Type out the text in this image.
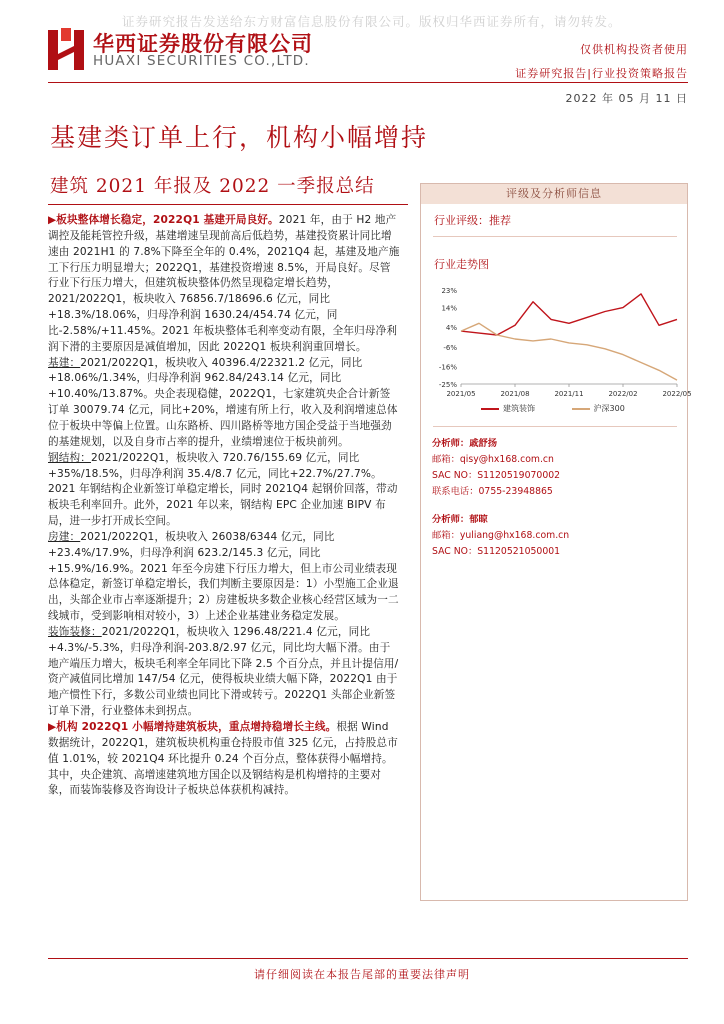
证券研究报告发送给东方财富信息股份有限公司。版权归华西证券所有，请勿转发。
华西证券股份有限公司
HUAXI SECURITIES CO.,LTD.
仅供机构投资者使用
证券研究报告|行业投资策略报告
2022 年 05 月 11 日
基建类订单上行，机构小幅增持
建筑 2021 年报及 2022 一季报总结

▶板块整体增长稳定，2022Q1 基建开局良好。2021 年，由于 H2 地产调控及能耗管控升级，基建增速呈现前高后低趋势，基建投资累计同比增速由 2021H1 的 7.8%下降至全年的 0.4%，2021Q4 起，基建及地产施工下行压力明显增大；2022Q1，基建投资增速 8.5%，开局良好。尽管行业下行压力增大，但建筑板块整体仍然呈现稳定增长趋势，2021/2022Q1，板块收入 76856.7/18696.6 亿元，同比+18.3%/18.06%，归母净利润 1630.24/454.74 亿元，同比-2.58%/+11.45%。2021 年板块整体毛利率变动有限，全年归母净利润下滑的主要原因是减值增加，因此 2022Q1 板块利润重回增长。

基建：2021/2022Q1，板块收入 40396.4/22321.2 亿元，同比+18.06%/1.34%，归母净利润 962.84/243.14 亿元，同比+10.40%/13.87%。央企表现稳健，2022Q1，七家建筑央企合计新签订单 30079.74 亿元，同比+20%，增速有所上行，收入及利润增速总体位于板块中等偏上位置。山东路桥、四川路桥等地方国企受益于当地强劲的基建规划，以及自身市占率的提升，业绩增速位于板块前列。

钢结构：2021/2022Q1，板块收入 720.76/155.69 亿元，同比+35%/18.5%，归母净利润 35.4/8.7 亿元，同比+22.7%/27.7%。2021 年钢结构企业新签订单稳定增长，同时 2021Q4 起钢价回落，带动板块毛利率回升。此外，2021 年以来，钢结构 EPC 企业加速 BIPV 布局，进一步打开成长空间。

房建：2021/2022Q1，板块收入 26038/6344 亿元，同比+23.4%/17.9%，归母净利润 623.2/145.3 亿元，同比+15.9%/16.9%。2021 年至今房建下行压力增大，但上市公司业绩表现总体稳定，新签订单稳定增长，我们判断主要原因是：1）小型施工企业退出，头部企业市占率逐渐提升；2）房建板块多数企业核心经营区域为一二线城市，受到影响相对较小，3）上述企业基建业务稳定发展。

装饰装修：2021/2022Q1，板块收入 1296.48/221.4 亿元，同比+4.3%/-5.3%，归母净利润-203.8/2.97 亿元，同比均大幅下滑。由于地产端压力增大，板块毛利率全年同比下降 2.5 个百分点，并且计提信用/资产减值同比增加 147/54 亿元，使得板块业绩大幅下降，2022Q1 由于地产惯性下行，多数公司业绩也同比下滑或转亏。2022Q1 头部企业新签订单下滑，行业整体未到拐点。

▶机构 2022Q1 小幅增持建筑板块，重点增持稳增长主线。根据 Wind 数据统计，2022Q1，建筑板块机构重仓持股市值 325 亿元，占持股总市值 1.01%，较 2021Q4 环比提升 0.24 个百分点，整体获得小幅增持。其中，央企建筑、高增速建筑地方国企以及钢结构是机构增持的主要对象，而装饰装修及咨询设计子板块总体获机构减持。

评级及分析师信息
行业评级：推荐
行业走势图
23%
14%
4%
-6%
-16%
-25%
2021/05	2021/08	2021/11	2022/02	2022/05
建筑装饰	沪深300
分析师：戚舒扬
邮箱：qisy@hx168.com.cn
SAC NO：S1120519070002
联系电话：0755-23948865
分析师：郁晾
邮箱：yuliang@hx168.com.cn
SAC NO：S1120521050001
请仔细阅读在本报告尾部的重要法律声明
